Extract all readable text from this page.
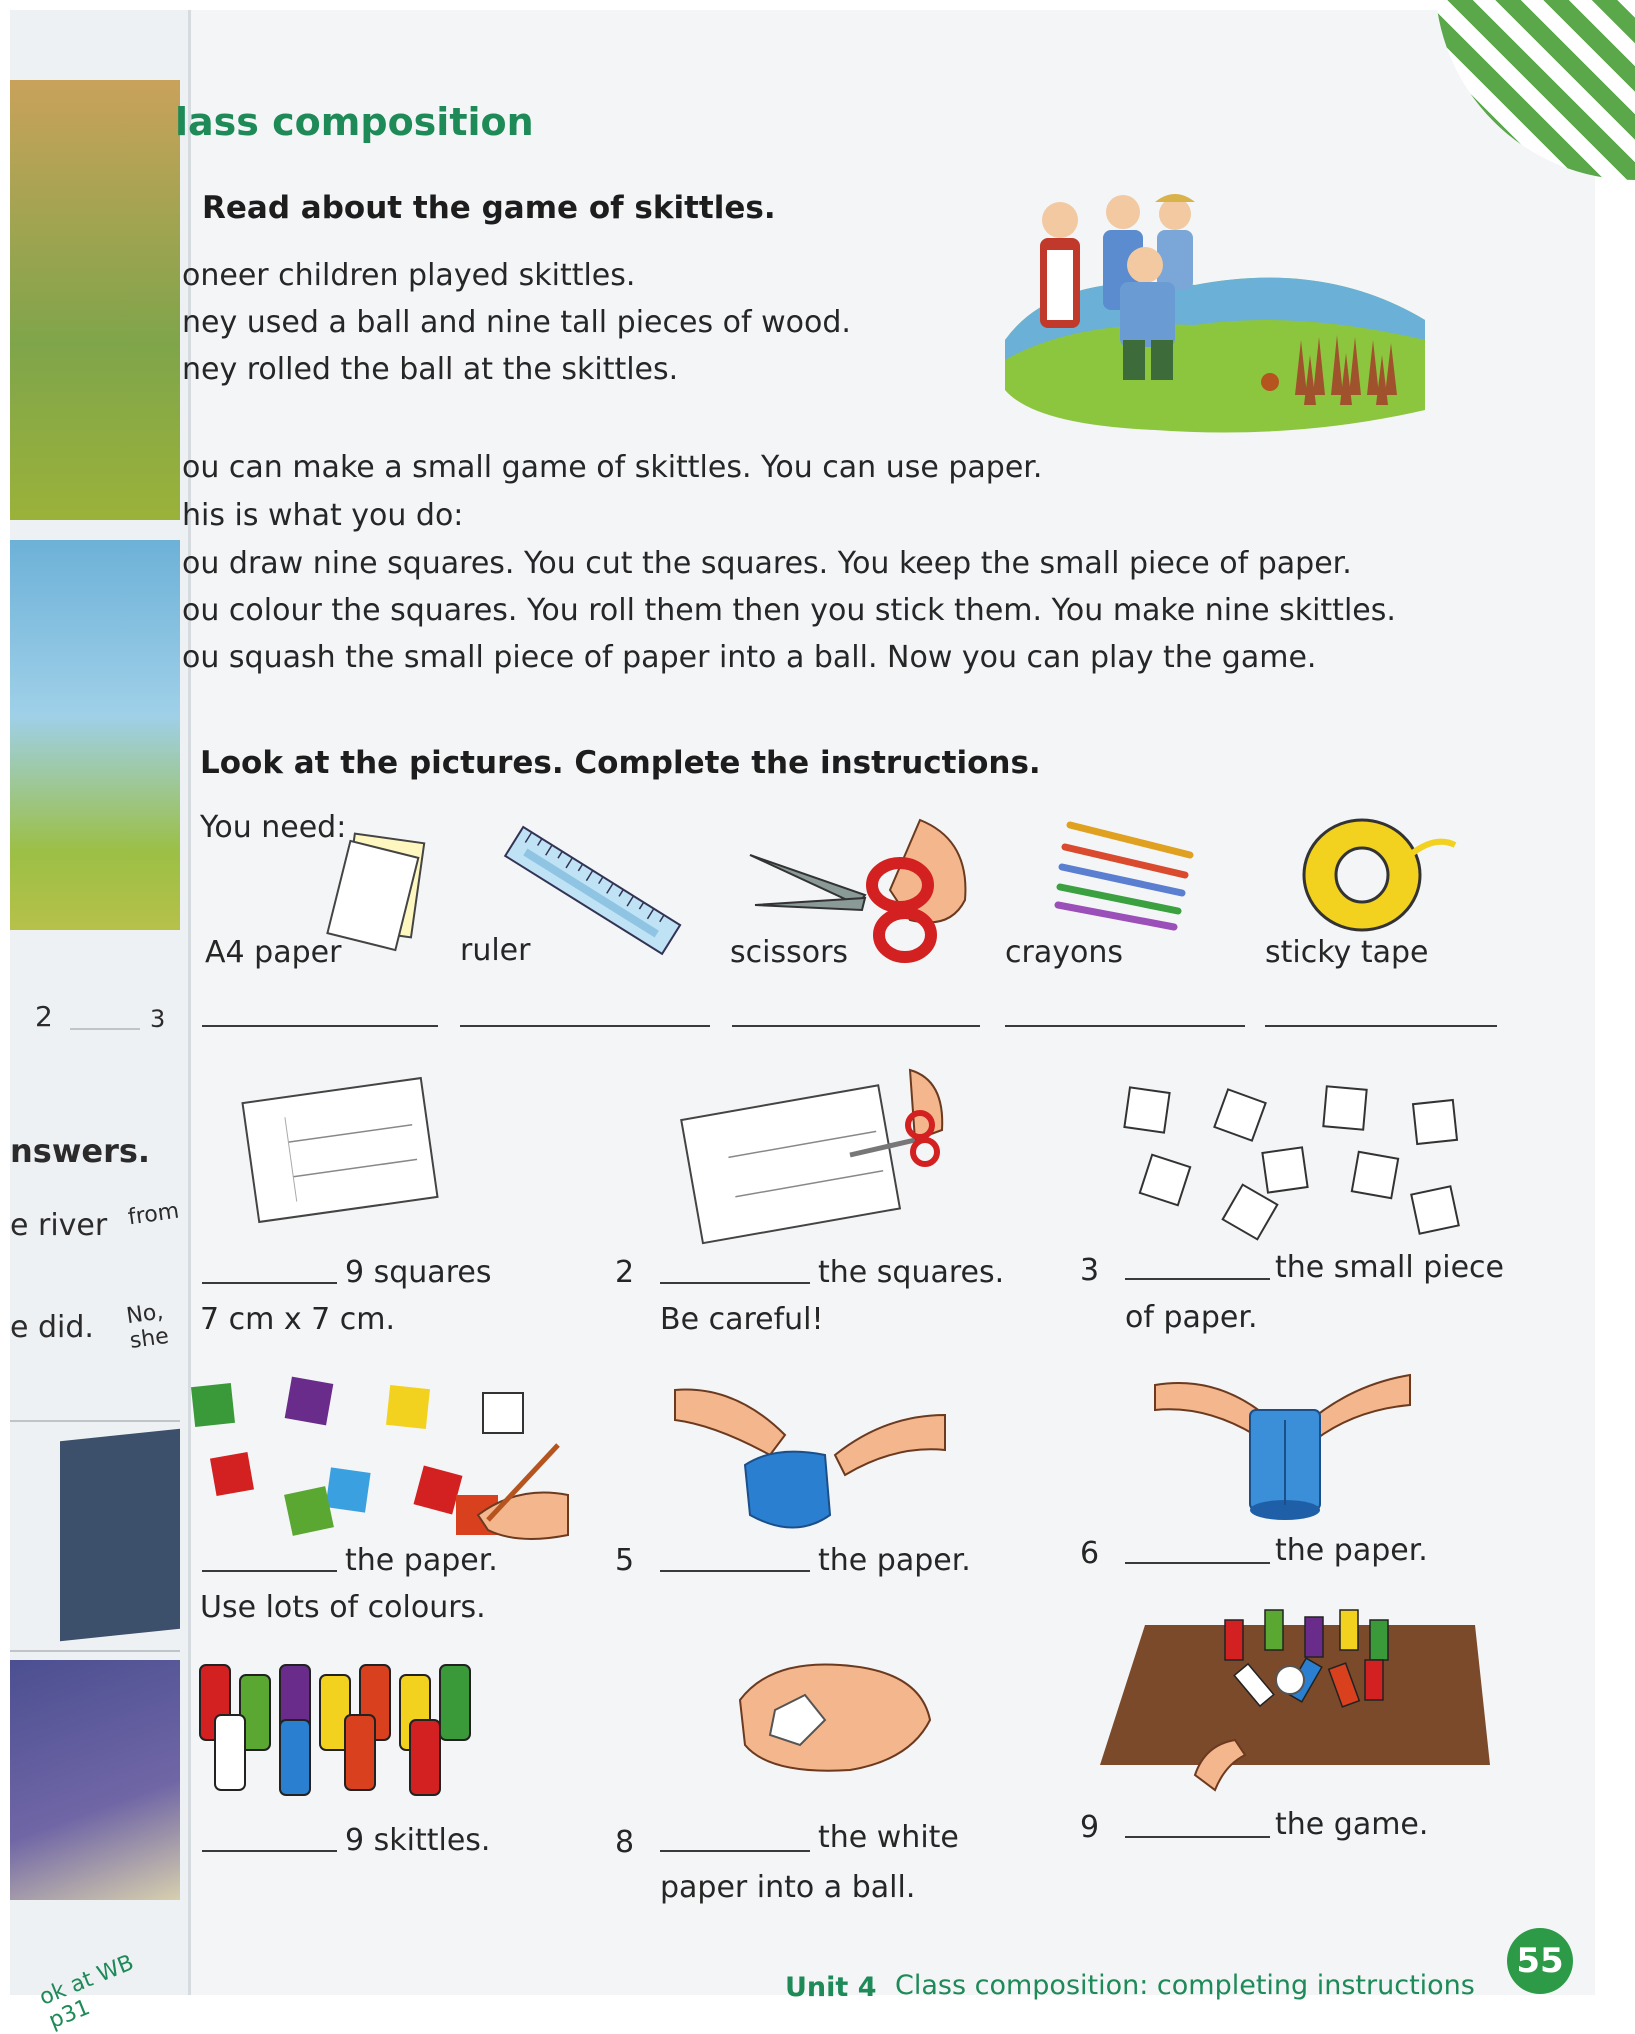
2	3
nswers.
e river from
e did. No, she
ok at WB p31
lass composition
Read about the game of skittles.
oneer children played skittles.
ney used a ball and nine tall pieces of wood.
ney rolled the ball at the skittles.
ou can make a small game of skittles. You can use paper.
his is what you do:
ou draw nine squares. You cut the squares. You keep the small piece of paper.
ou colour the squares. You roll them then you stick them. You make nine skittles.
ou squash the small piece of paper into a ball. Now you can play the game.
Look at the pictures. Complete the instructions.
You need:
A4 paper	ruler	scissors	crayons	sticky tape
9 squares
7 cm x 7 cm.
2	the squares.
Be careful!
3	the small piece
of paper.
the paper.
Use lots of colours.
5	the paper.	6	the paper.
9 skittles.	8	the white
paper into a ball.
9	the game.
Unit 4 Class composition: completing instructions
55
